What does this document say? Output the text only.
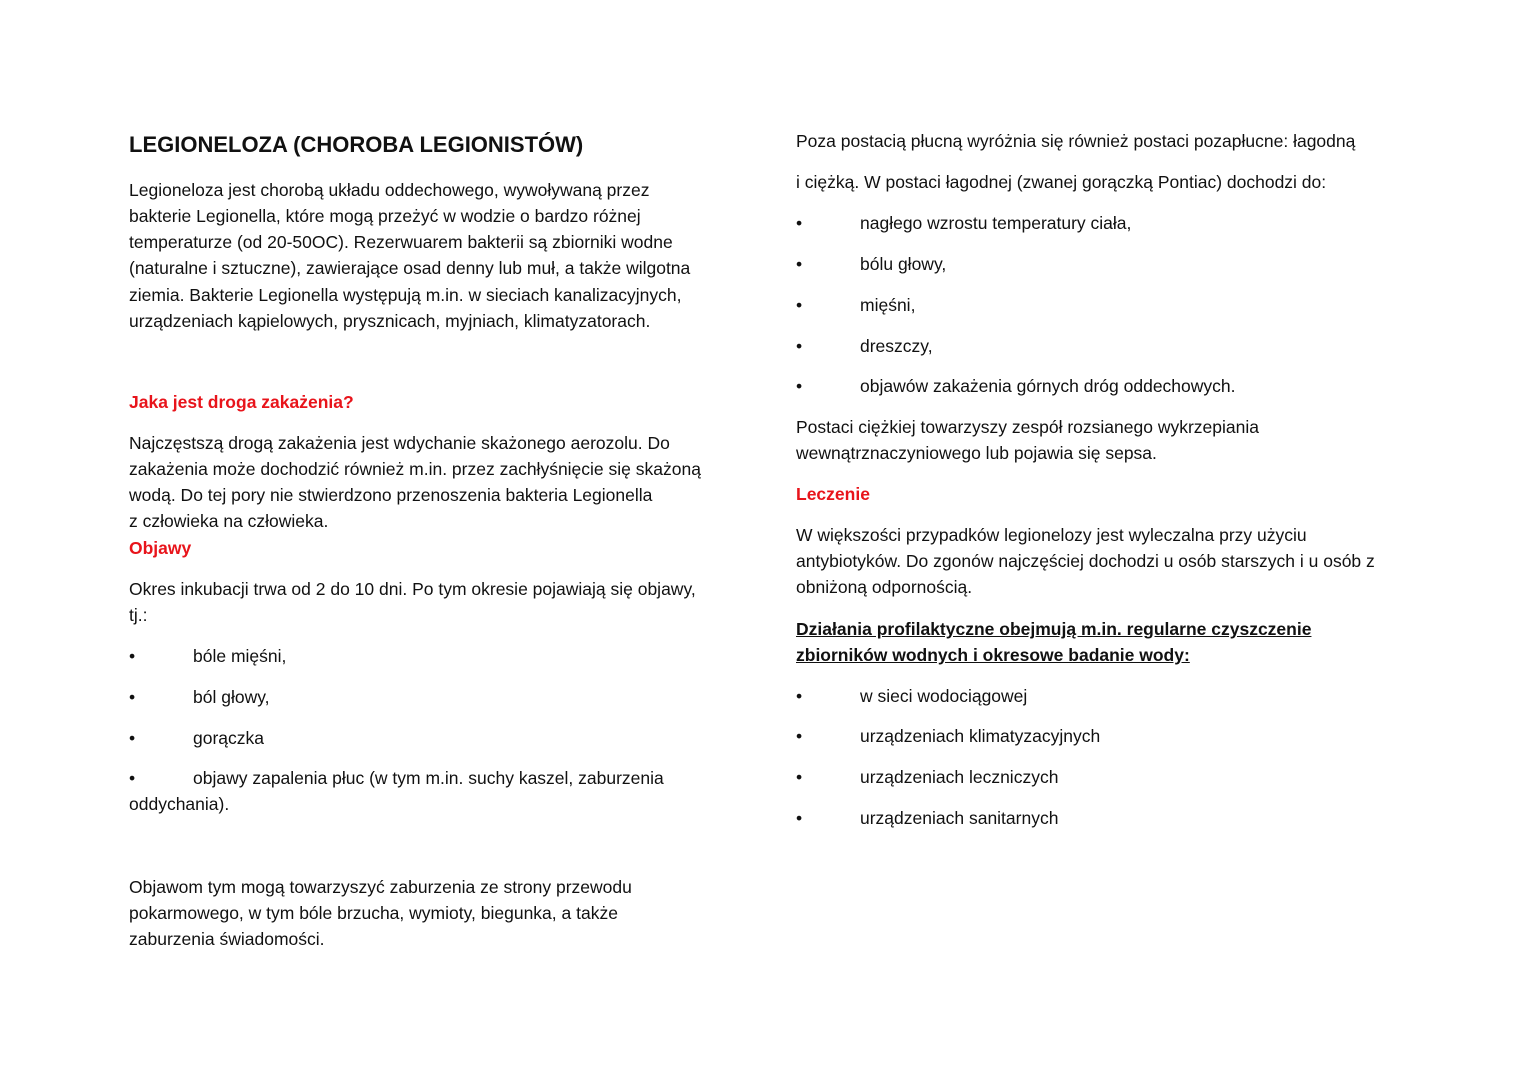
LEGIONELOZA (CHOROBA LEGIONISTÓW)
Legioneloza jest chorobą układu oddechowego, wywoływaną przez
bakterie Legionella, które mogą przeżyć w wodzie o bardzo różnej
temperaturze (od 20-50OC). Rezerwuarem bakterii są zbiorniki wodne
(naturalne i sztuczne), zawierające osad denny lub muł, a także wilgotna
ziemia. Bakterie Legionella występują m.in. w sieciach kanalizacyjnych,
urządzeniach kąpielowych, prysznicach, myjniach, klimatyzatorach.
Jaka jest droga zakażenia?
Najczęstszą drogą zakażenia jest wdychanie skażonego aerozolu. Do
zakażenia może dochodzić również m.in. przez zachłyśnięcie się skażoną
wodą. Do tej pory nie stwierdzono przenoszenia bakteria Legionella
z człowieka na człowieka.
Objawy
Okres inkubacji trwa od 2 do 10 dni. Po tym okresie pojawiają się objawy,
tj.:
•	bóle mięśni,
•	ból głowy,
•	gorączka
•	objawy zapalenia płuc (w tym m.in. suchy kaszel, zaburzenia
oddychania).
Objawom tym mogą towarzyszyć zaburzenia ze strony przewodu
pokarmowego, w tym bóle brzucha, wymioty, biegunka, a także
zaburzenia świadomości.
Poza postacią płucną wyróżnia się również postaci pozapłucne: łagodną
i ciężką. W postaci łagodnej (zwanej gorączką Pontiac) dochodzi do:
•	nagłego wzrostu temperatury ciała,
•	bólu głowy,
•	mięśni,
•	dreszczy,
•	objawów zakażenia górnych dróg oddechowych.
Postaci ciężkiej towarzyszy zespół rozsianego wykrzepiania
wewnątrznaczyniowego lub pojawia się sepsa.
Leczenie
W większości przypadków legionelozy jest wyleczalna przy użyciu
antybiotyków. Do zgonów najczęściej dochodzi u osób starszych i u osób z
obniżoną odpornością.
Działania profilaktyczne obejmują m.in. regularne czyszczenie
zbiorników wodnych i okresowe badanie wody:
•	w sieci wodociągowej
•	urządzeniach klimatyzacyjnych
•	urządzeniach leczniczych
•	urządzeniach sanitarnych
